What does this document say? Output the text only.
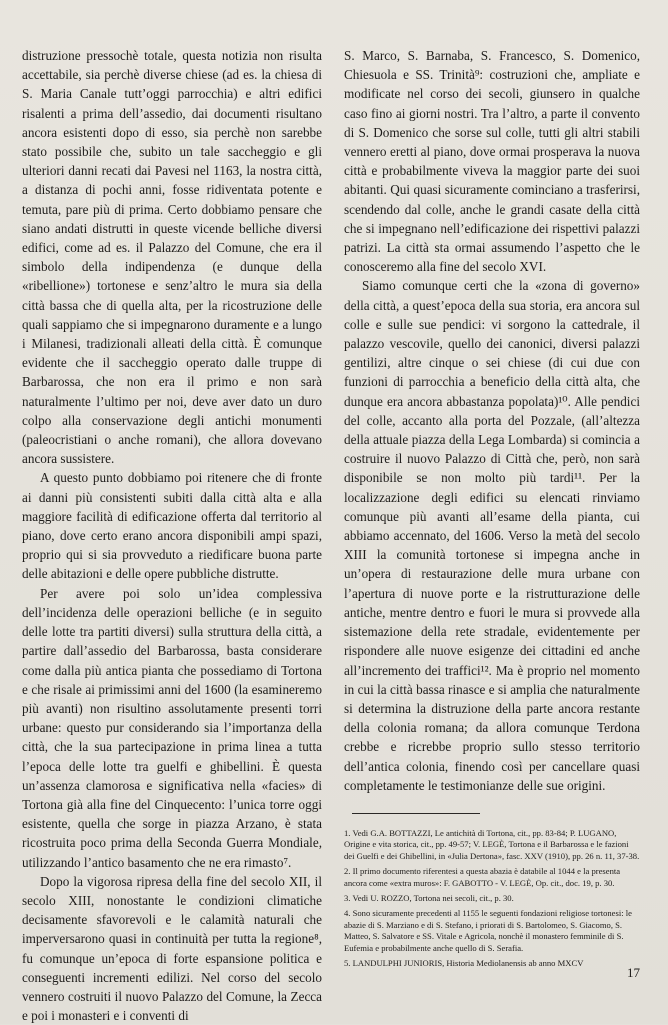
distruzione pressochè totale, questa notizia non risulta accettabile, sia perchè diverse chiese (ad es. la chiesa di S. Maria Canale tutt’oggi parrocchia) e altri edifici risalenti a prima dell’assedio, dai documenti risultano ancora esistenti dopo di esso, sia perchè non sarebbe stato possibile che, subito un tale saccheggio e gli ulteriori danni recati dai Pavesi nel 1163, la nostra città, a distanza di pochi anni, fosse ridiventata potente e temuta, pare più di prima. Certo dobbiamo pensare che siano andati distrutti in queste vicende belliche diversi edifici, come ad es. il Palazzo del Comune, che era il simbolo della indipendenza (e dunque della «ribellione») tortonese e senz’altro le mura sia della città bassa che di quella alta, per la ricostruzione delle quali sappiamo che si impegnarono duramente e a lungo i Milanesi, tradizionali alleati della città. È comunque evidente che il saccheggio operato dalle truppe di Barbarossa, che non era il primo e non sarà naturalmente l’ultimo per noi, deve aver dato un duro colpo alla conservazione degli antichi monumenti (paleocristiani o anche romani), che allora dovevano ancora sussistere.

A questo punto dobbiamo poi ritenere che di fronte ai danni più consistenti subiti dalla città alta e alla maggiore facilità di edificazione offerta dal territorio al piano, dove certo erano ancora disponibili ampi spazi, proprio qui si sia provveduto a riedificare buona parte delle abitazioni e delle opere pubbliche distrutte.

Per avere poi solo un’idea complessiva dell’incidenza delle operazioni belliche (e in seguito delle lotte tra partiti diversi) sulla struttura della città, a partire dall’assedio del Barbarossa, basta considerare come dalla più antica pianta che possediamo di Tortona e che risale ai primissimi anni del 1600 (la esamineremo più avanti) non risultino assolutamente presenti torri urbane: questo pur considerando sia l’importanza della città, che la sua partecipazione in prima linea a tutta l’epoca delle lotte tra guelfi e ghibellini. È questa un’assenza clamorosa e significativa nella «facies» di Tortona già alla fine del Cinquecento: l’unica torre oggi esistente, quella che sorge in piazza Arzano, è stata ricostruita poco prima della Seconda Guerra Mondiale, utilizzando l’antico basamento che ne era rimasto⁷.

Dopo la vigorosa ripresa della fine del secolo XII, il secolo XIII, nonostante le condizioni climatiche decisamente sfavorevoli e le calamità naturali che imperversarono quasi in continuità per tutta la regione⁸, fu comunque un’epoca di forte espansione politica e conseguenti incrementi edilizi. Nel corso del secolo vennero costruiti il nuovo Palazzo del Comune, la Zecca e poi i monasteri e i conventi di

S. Marco, S. Barnaba, S. Francesco, S. Domenico, Chiesuola e SS. Trinità⁹: costruzioni che, ampliate e modificate nel corso dei secoli, giunsero in qualche caso fino ai giorni nostri. Tra l’altro, a parte il convento di S. Domenico che sorse sul colle, tutti gli altri stabili vennero eretti al piano, dove ormai prosperava la nuova città e probabilmente viveva la maggior parte dei suoi abitanti. Qui quasi sicuramente cominciano a trasferirsi, scendendo dal colle, anche le grandi casate della città che si impegnano nell’edificazione dei rispettivi palazzi patrizi. La città sta ormai assumendo l’aspetto che le conosceremo alla fine del secolo XVI.

Siamo comunque certi che la «zona di governo» della città, a quest’epoca della sua storia, era ancora sul colle e sulle sue pendici: vi sorgono la cattedrale, il palazzo vescovile, quello dei canonici, diversi palazzi gentilizi, altre cinque o sei chiese (di cui due con funzioni di parrocchia a beneficio della città alta, che dunque era ancora abbastanza popolata)¹⁰. Alle pendici del colle, accanto alla porta del Pozzale, (all’altezza della attuale piazza della Lega Lombarda) si comincia a costruire il nuovo Palazzo di Città che, però, non sarà disponibile se non molto più tardi¹¹. Per la localizzazione degli edifici su elencati rinviamo comunque più avanti all’esame della pianta, cui abbiamo accennato, del 1606. Verso la metà del secolo XIII la comunità tortonese si impegna anche in un’opera di restaurazione delle mura urbane con l’apertura di nuove porte e la ristrutturazione delle antiche, mentre dentro e fuori le mura si provvede alla sistemazione della rete stradale, evidentemente per rispondere alle nuove esigenze dei cittadini ed anche all’incremento dei traffici¹². Ma è proprio nel momento in cui la città bassa rinasce e si amplia che naturalmente si determina la distruzione della parte ancora restante della colonia romana; da allora comunque Terdona crebbe e ricrebbe proprio sullo stesso territorio dell’antica colonia, finendo così per cancellare quasi completamente le testimonianze delle sue origini.

1. Vedi G.A. BOTTAZZI, Le antichità di Tortona, cit., pp. 83-84; P. LUGANO, Origine e vita storica, cit., pp. 49-57; V. LEGÈ, Tortona e il Barbarossa e le fazioni dei Guelfi e dei Ghibellini, in «Julia Dertona», fasc. XXV (1910), pp. 26 n. 11, 37-38.

2. Il primo documento riferentesi a questa abazia è databile al 1044 e la presenta ancora come «extra muros»: F. GABOTTO - V. LEGÈ, Op. cit., doc. 19, p. 30.

3. Vedi U. ROZZO, Tortona nei secoli, cit., p. 30.

4. Sono sicuramente precedenti al 1155 le seguenti fondazioni religiose tortonesi: le abazie di S. Marziano e di S. Stefano, i priorati di S. Bartolomeo, S. Giacomo, S. Matteo, S. Salvatore e SS. Vitale e Agricola, nonchè il monastero femminile di S. Eufemia e probabilmente anche quello di S. Serafia.

5. LANDULPHI JUNIORIS, Historia Mediolanensis ab anno MXCV

17
